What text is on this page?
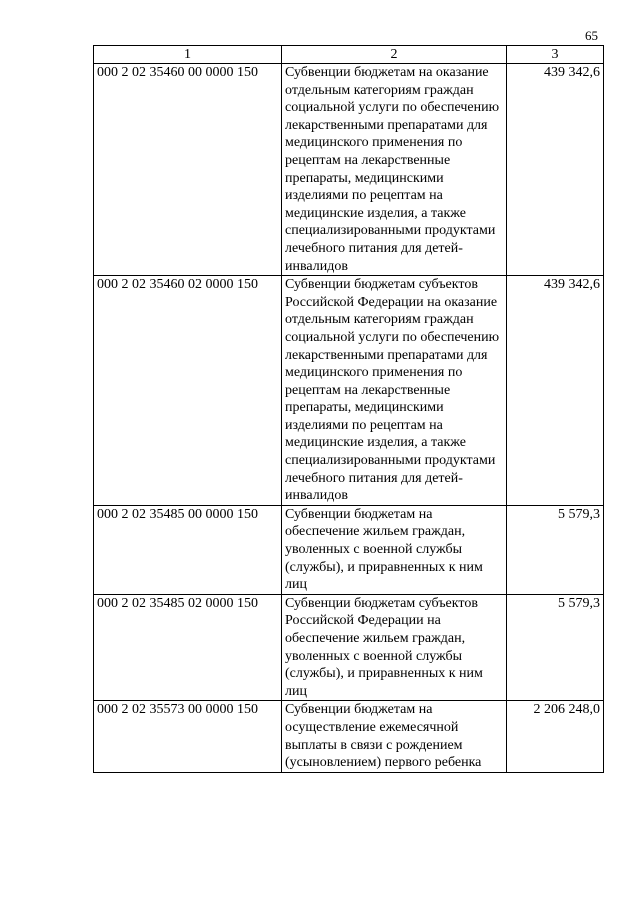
65
1	2	3
000 2 02 35460 00 0000 150	Субвенции бюджетам на оказание отдельным категориям граждан социальной услуги по обеспечению лекарственными препаратами для медицинского применения по рецептам на лекарственные препараты, медицинскими изделиями по рецептам на медицинские изделия, а также специализированными продуктами лечебного питания для детей-инвалидов	439 342,6
000 2 02 35460 02 0000 150	Субвенции бюджетам субъектов Российской Федерации на оказание отдельным категориям граждан социальной услуги по обеспечению лекарственными препаратами для медицинского применения по рецептам на лекарственные препараты, медицинскими изделиями по рецептам на медицинские изделия, а также специализированными продуктами лечебного питания для детей-инвалидов	439 342,6
000 2 02 35485 00 0000 150	Субвенции бюджетам на обеспечение жильем граждан, уволенных с военной службы (службы), и приравненных к ним лиц	5 579,3
000 2 02 35485 02 0000 150	Субвенции бюджетам субъектов Российской Федерации на обеспечение жильем граждан, уволенных с военной службы (службы), и приравненных к ним лиц	5 579,3
000 2 02 35573 00 0000 150	Субвенции бюджетам на осуществление ежемесячной выплаты в связи с рождением (усыновлением) первого ребенка	2 206 248,0
